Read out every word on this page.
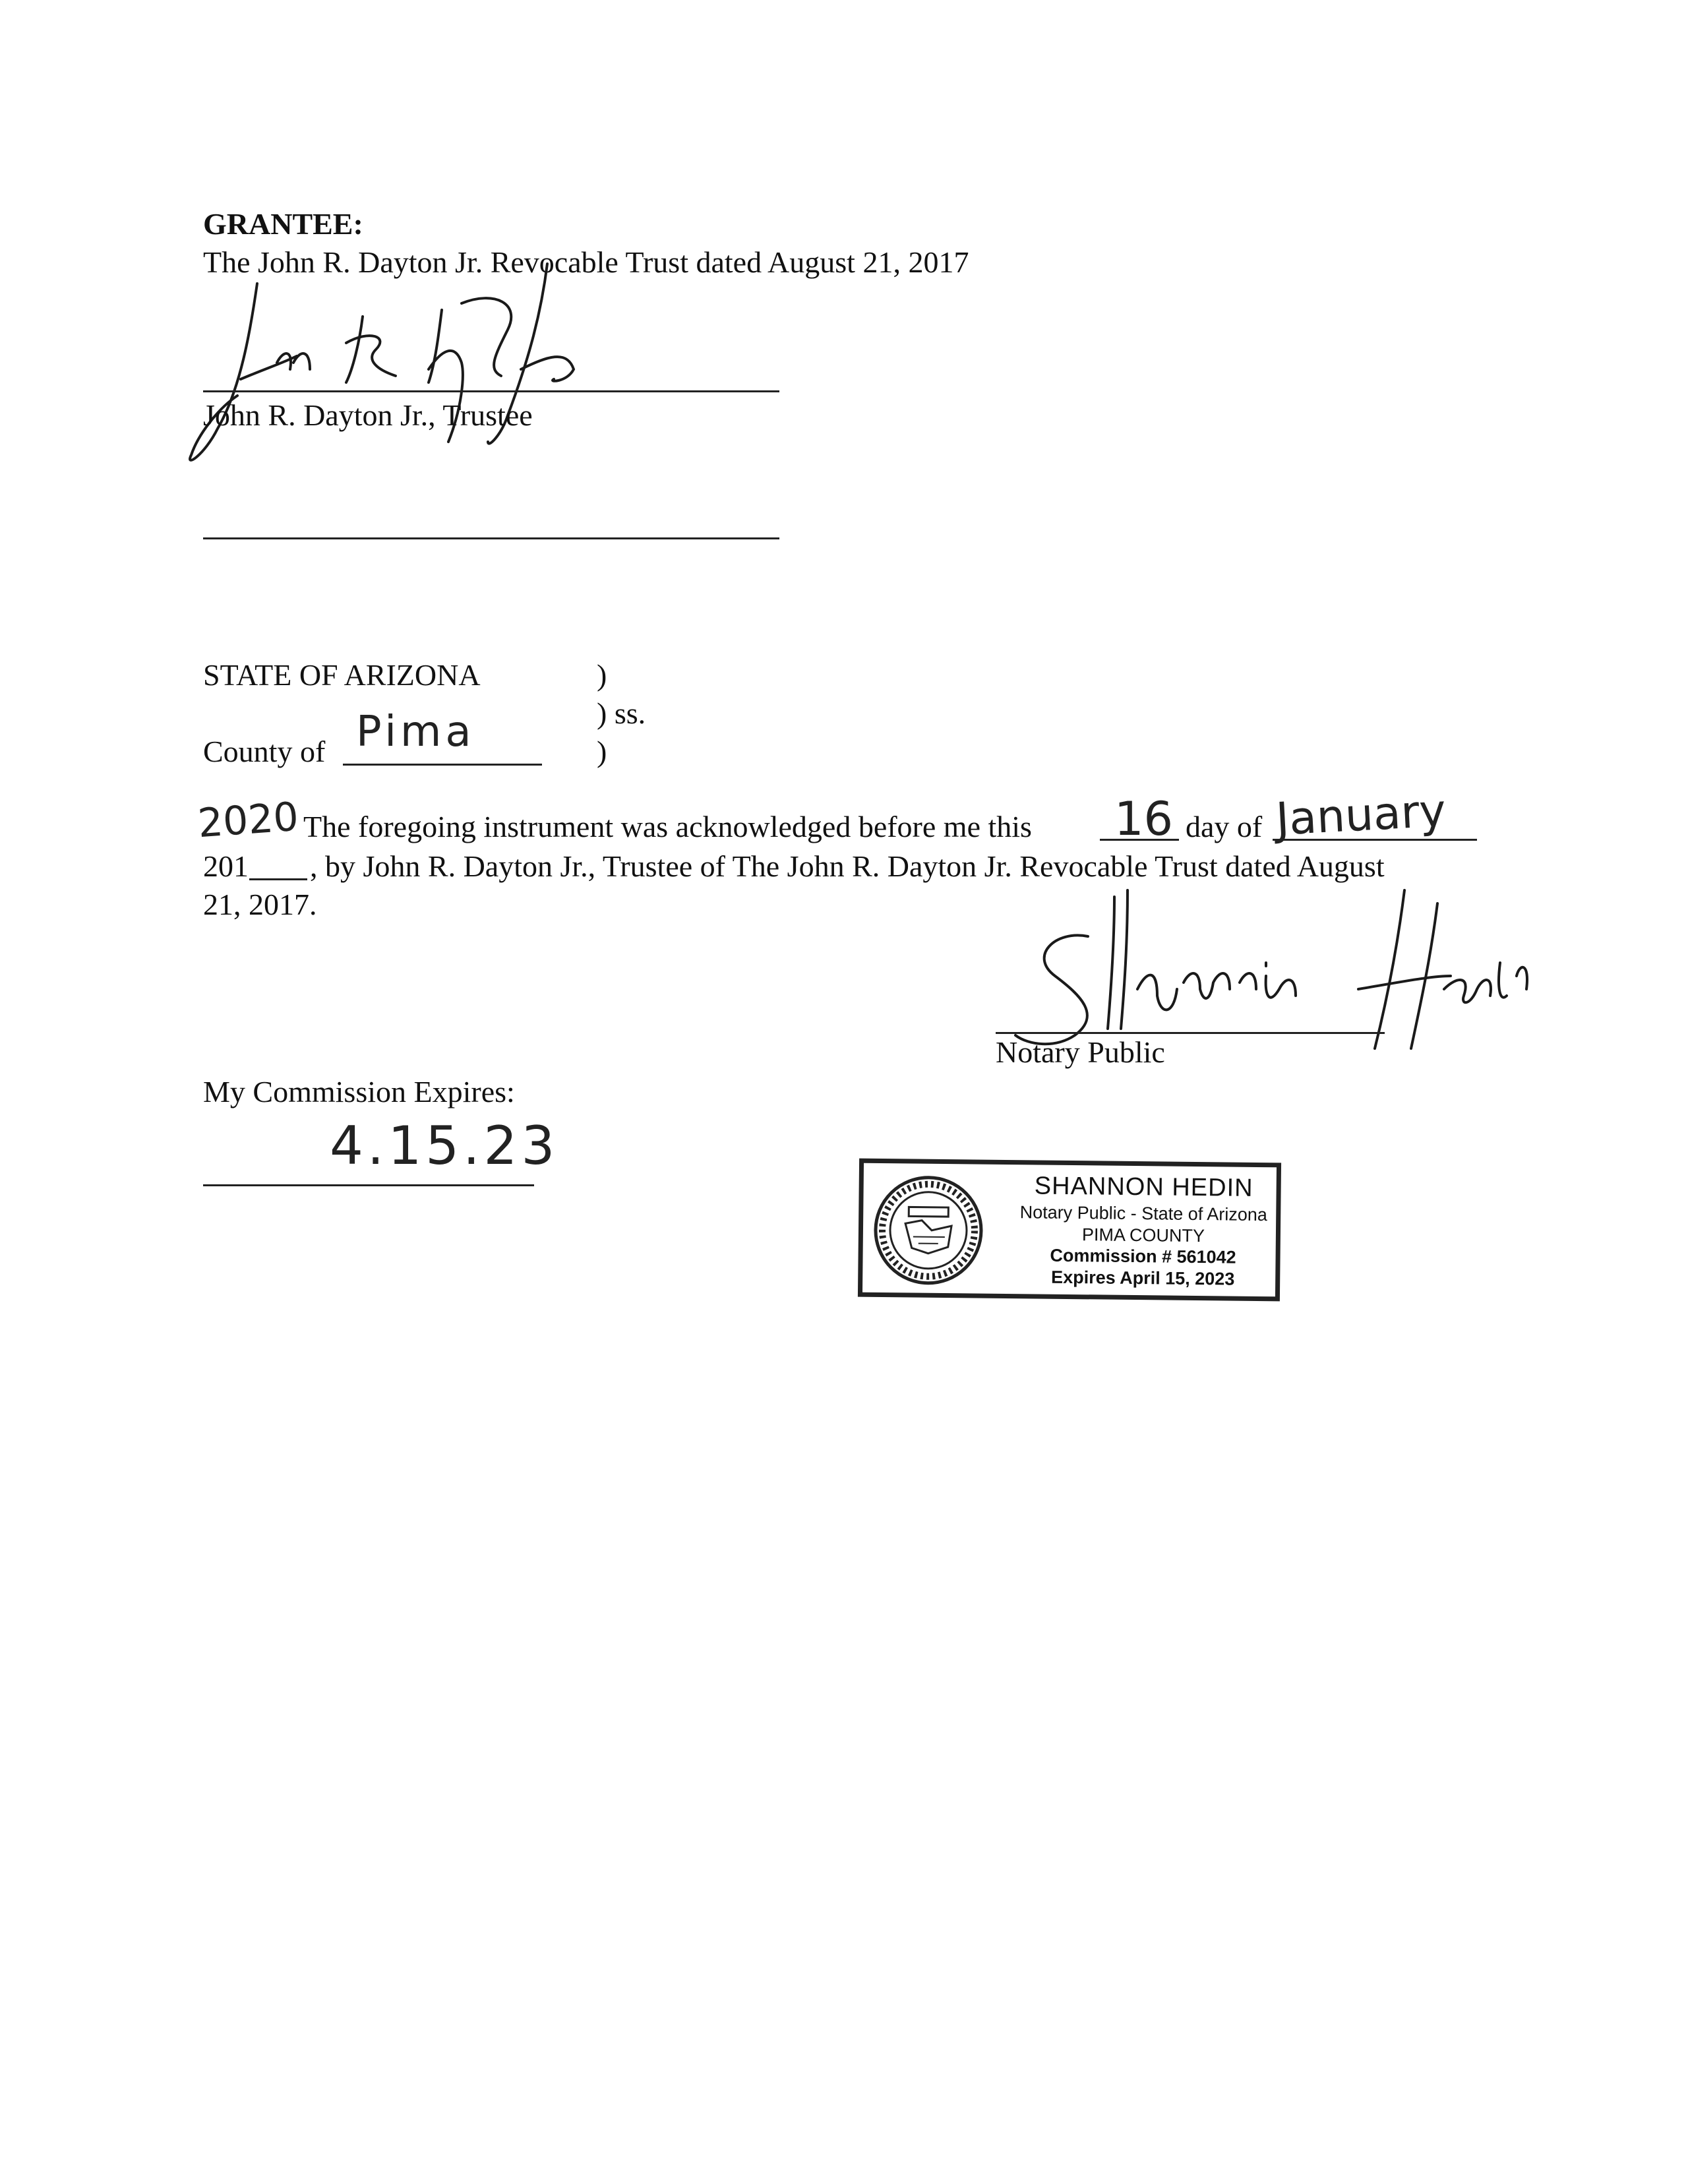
GRANTEE:
The John R. Dayton Jr. Revocable Trust dated August 21, 2017
John R. Dayton Jr., Trustee
STATE OF ARIZONA	)
) ss.
)
County of Pima
2020 The foregoing instrument was acknowledged before me this 16 day of January
201 , by John R. Dayton Jr., Trustee of The John R. Dayton Jr. Revocable Trust dated August
21, 2017.
Notary Public
My Commission Expires:
4.15.23
SHANNON HEDIN
Notary Public - State of Arizona
PIMA COUNTY
Commission # 561042
Expires April 15, 2023
